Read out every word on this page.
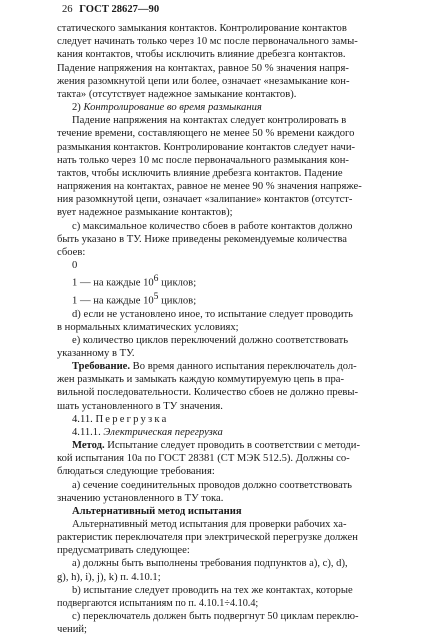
26 ГОСТ 28627—90

статического замыкания контактов. Контролирование контактов

следует начинать только через 10 мс после первоначального замы-

кания контактов, чтобы исключить влияние дребезга контактов.

Падение напряжения на контактах, равное 50 % значения напря-

жения разомкнутой цепи или более, означает «незамыкание кон-

такта» (отсутствует надежное замыкание контактов).

2) Контролирование во время размыкания

Падение напряжения на контактах следует контролировать в

течение времени, составляющего не менее 50 % времени каждого

размыкания контактов. Контролирование контактов следует начи-

нать только через 10 мс после первоначального размыкания кон-

тактов, чтобы исключить влияние дребезга контактов. Падение

напряжения на контактах, равное не менее 90 % значения напряже-

ния разомкнутой цепи, означает «залипание» контактов (отсутст-

вует надежное размыкание контактов);

с) максимальное количество сбоев в работе контактов должно

быть указано в ТУ. Ниже приведены рекомендуемые количества

сбоев:

0

1 — на каждые $10^6$ циклов;

1 — на каждые $10^5$ циклов;

d) если не установлено иное, то испытание следует проводить

в нормальных климатических условиях;

e) количество циклов переключений должно соответствовать

указанному в ТУ.

Требование. Во время данного испытания переключатель дол-

жен размыкать и замыкать каждую коммутируемую цепь в пра-

вильной последовательности. Количество сбоев не должно превы-

шать установленного в ТУ значения.

4.11. Перегрузка

4.11.1. Электрическая перегрузка

Метод. Испытание следует проводить в соответствии с методи-

кой испытания 10а по ГОСТ 28381 (СТ МЭК 512.5). Должны со-

блюдаться следующие требования:

а) сечение соединительных проводов должно соответствовать

значению установленного в ТУ тока.

Альтернативный метод испытания

Альтернативный метод испытания для проверки рабочих ха-

рактеристик переключателя при электрической перегрузке должен

предусматривать следующее:

а) должны быть выполнены требования подпунктов а), с), d),

g), h), i), j), k) п. 4.10.1;

b) испытание следует проводить на тех же контактах, которые

подвергаются испытаниям по п. 4.10.1÷4.10.4;

с) переключатель должен быть подвергнут 50 циклам переклю-

чений;
